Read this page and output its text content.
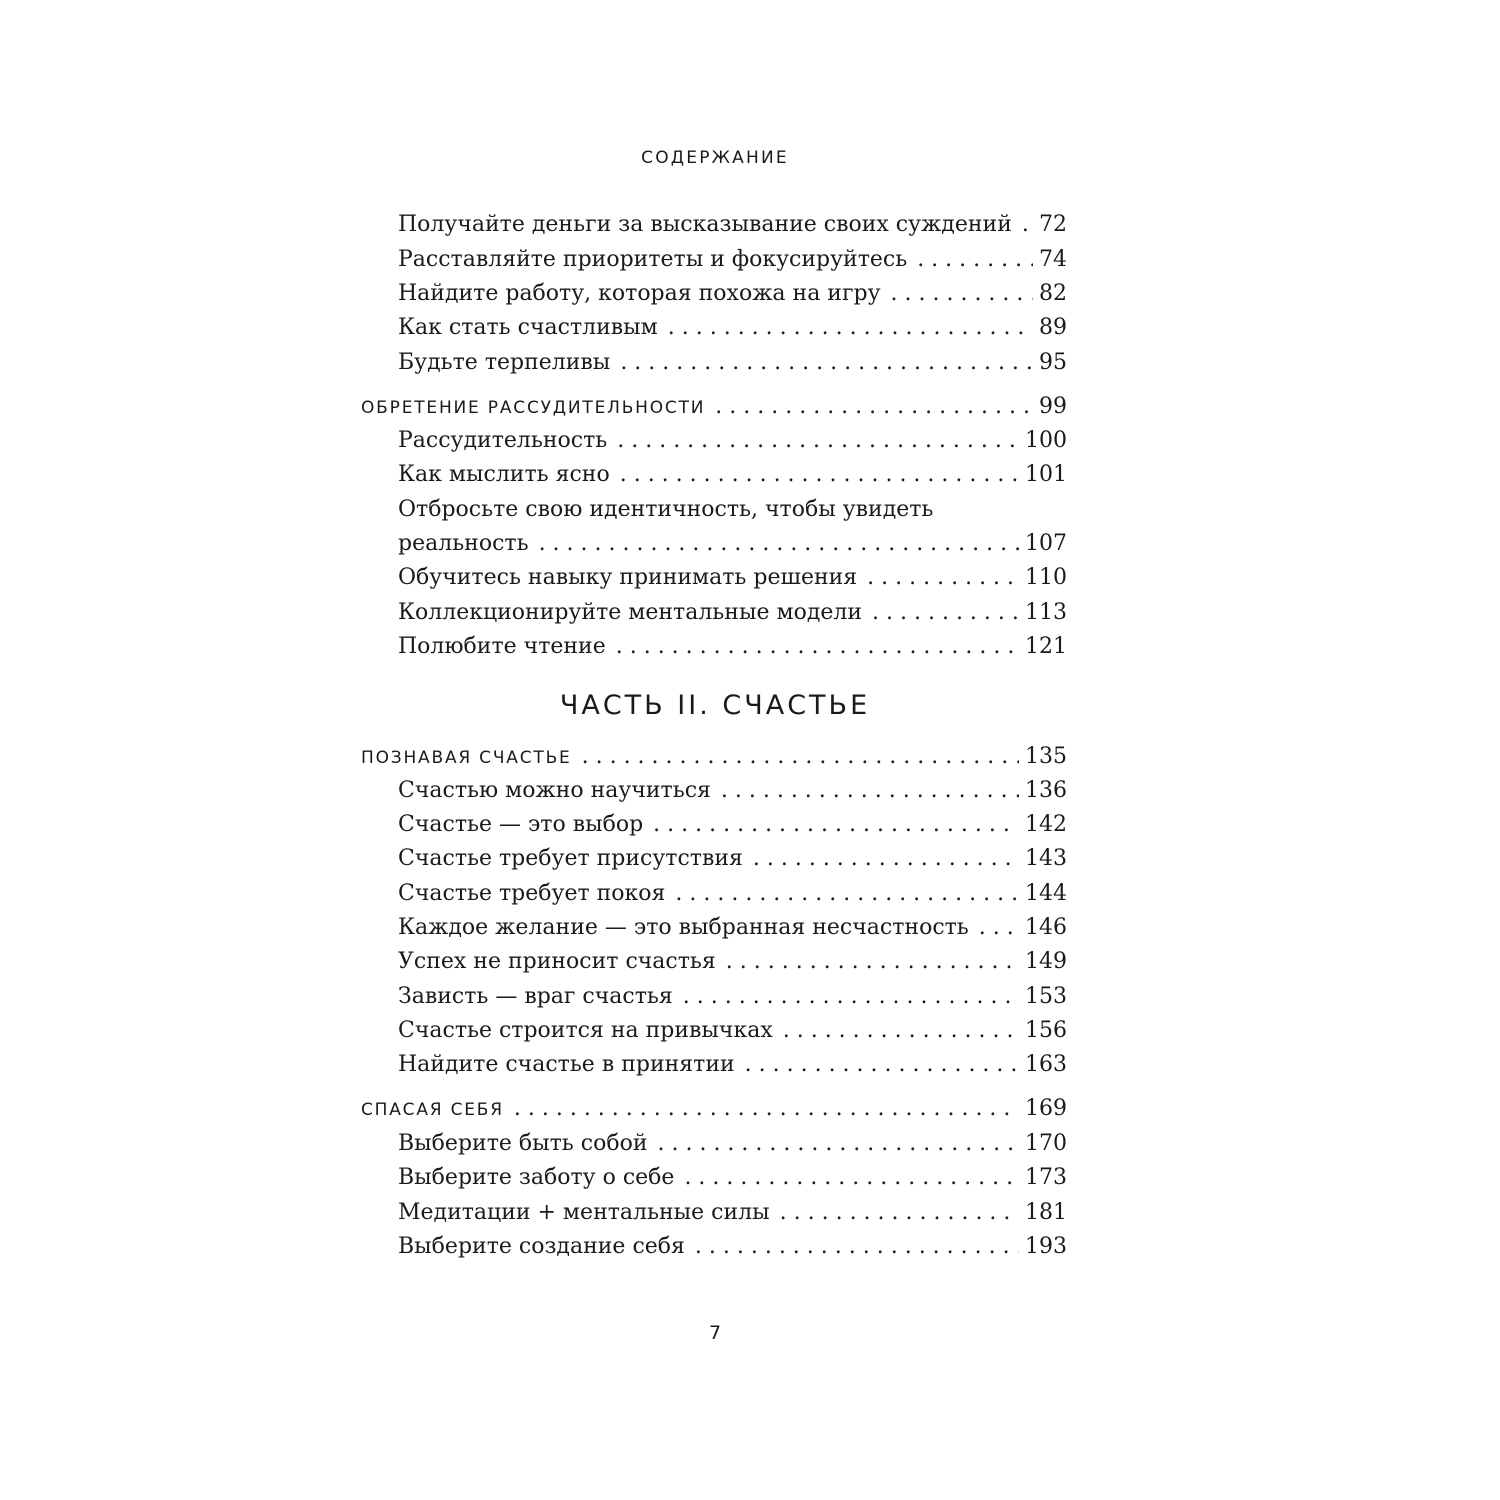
СОДЕРЖАНИЕ
Получайте деньги за высказывание своих суждений . . . 72
Расставляйте приоритеты и фокусируйтесь . . .	74
Найдите работу, которая похожа на игру . . .	82
Как стать счастливым . . .	89
Будьте терпеливы . . .	95
ОБРЕТЕНИЕ РАССУДИТЕЛЬНОСТИ . . .	99
Рассудительность . . .	100
Как мыслить ясно . . .	101
Отбросьте свою идентичность, чтобы увидеть
реальность . . .	107
Обучитесь навыку принимать решения . . .	110
Коллекционируйте ментальные модели . . .	113
Полюбите чтение . . .	121
ЧАСТЬ II. СЧАСТЬЕ
ПОЗНАВАЯ СЧАСТЬЕ . . .	135
Счастью можно научиться . . .	136
Счастье — это выбор . . .	142
Счастье требует присутствия . . .	143
Счастье требует покоя . . .	144
Каждое желание — это выбранная несчастность . . .	146
Успех не приносит счастья . . .	149
Зависть — враг счастья . . .	153
Счастье строится на привычках . . .	156
Найдите счастье в принятии . . .	163
СПАСАЯ СЕБЯ . . .	169
Выберите быть собой . . .	170
Выберите заботу о себе . . .	173
Медитации + ментальные силы . . .	181
Выберите создание себя . . .	193
7
